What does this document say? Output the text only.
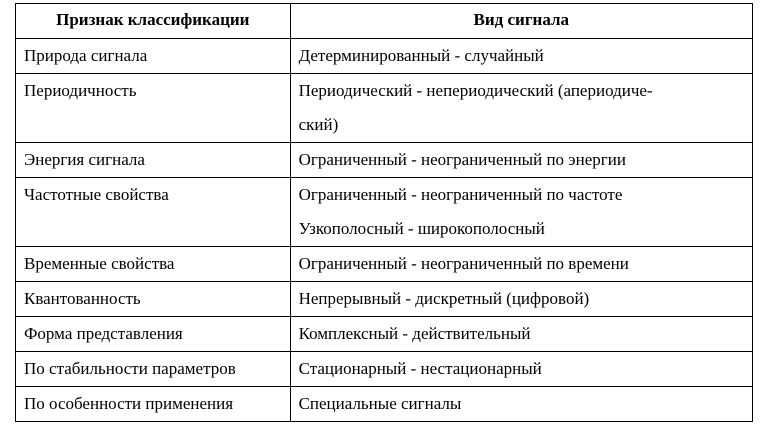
Признак классификации	Вид сигнала
Природа сигнала	Детерминированный - случайный

Периодичность	Периодический - непериодический (апериодиче-
ский)

Энергия сигнала	Ограниченный - неограниченный по энергии

Частотные свойства	Ограниченный - неограниченный по частоте
Узкополосный - широкополосный

Временные свойства	Ограниченный - неограниченный по времени

Квантованность	Непрерывный - дискретный (цифровой)

Форма представления	Комплексный - действительный

По стабильности параметров	Стационарный - нестационарный

По особенности применения	Специальные сигналы
